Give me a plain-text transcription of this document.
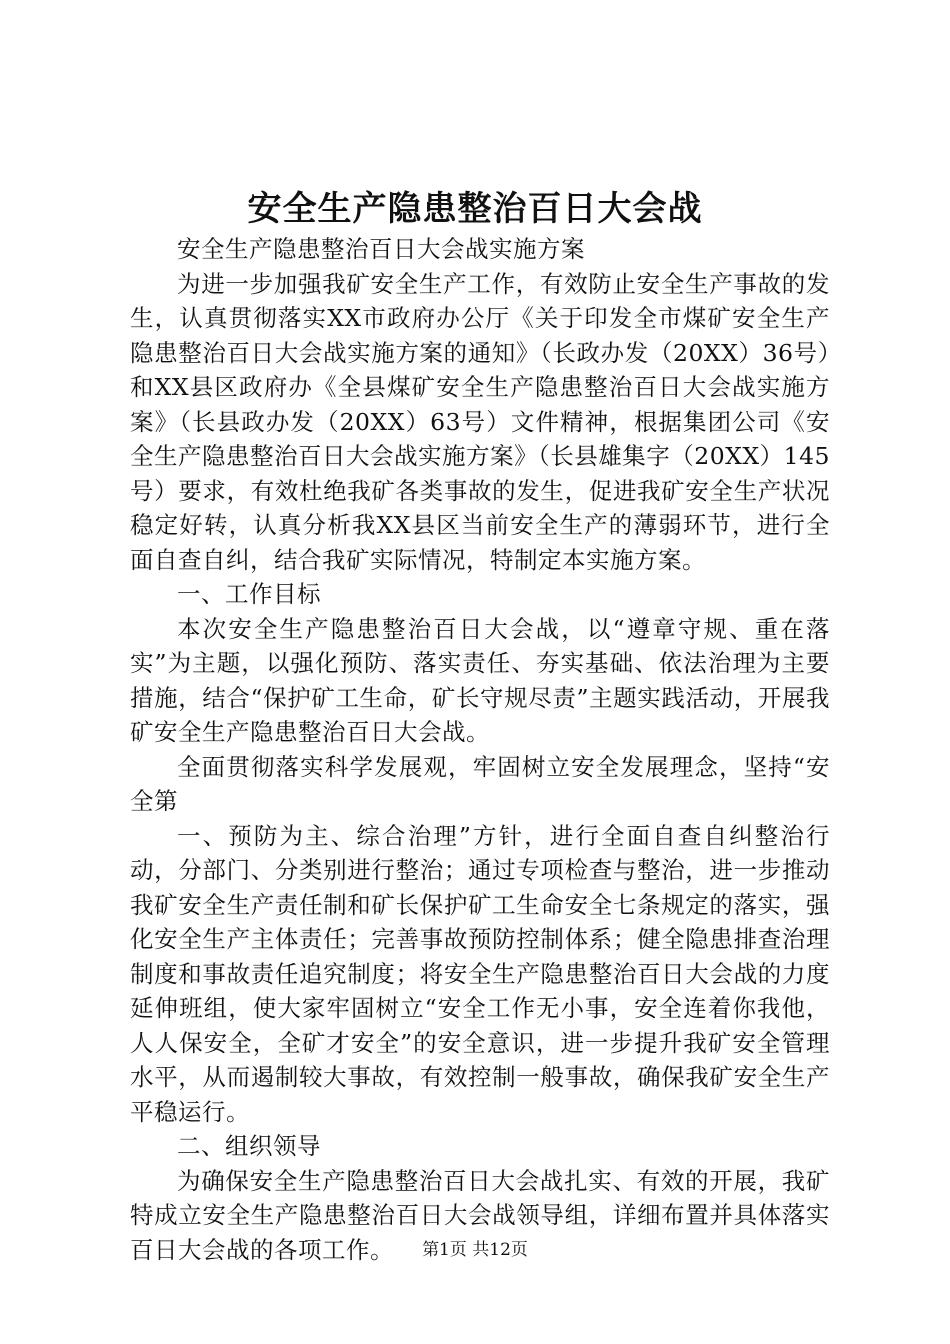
安全生产隐患整治百日大会战

安全生产隐患整治百日大会战实施方案

为进一步加强我矿安全生产工作，有效防止安全生产事故的发生，认真贯彻落实XX市政府办公厅《关于印发全市煤矿安全生产隐患整治百日大会战实施方案的通知》（长政办发（20XX）36号）和XX县区政府办《全县煤矿安全生产隐患整治百日大会战实施方案》（长县政办发（20XX）63号）文件精神，根据集团公司《安全生产隐患整治百日大会战实施方案》（长县雄集字（20XX）145号）要求，有效杜绝我矿各类事故的发生，促进我矿安全生产状况稳定好转，认真分析我XX县区当前安全生产的薄弱环节，进行全面自查自纠，结合我矿实际情况，特制定本实施方案。

一、工作目标

本次安全生产隐患整治百日大会战，以“遵章守规、重在落实”为主题，以强化预防、落实责任、夯实基础、依法治理为主要措施，结合“保护矿工生命，矿长守规尽责”主题实践活动，开展我矿安全生产隐患整治百日大会战。

全面贯彻落实科学发展观，牢固树立安全发展理念，坚持“安全第

一、预防为主、综合治理”方针，进行全面自查自纠整治行动，分部门、分类别进行整治；通过专项检查与整治，进一步推动我矿安全生产责任制和矿长保护矿工生命安全七条规定的落实，强化安全生产主体责任；完善事故预防控制体系；健全隐患排查治理制度和事故责任追究制度；将安全生产隐患整治百日大会战的力度延伸班组，使大家牢固树立“安全工作无小事，安全连着你我他，人人保安全，全矿才安全”的安全意识，进一步提升我矿安全管理水平，从而遏制较大事故，有效控制一般事故，确保我矿安全生产平稳运行。

二、组织领导

为确保安全生产隐患整治百日大会战扎实、有效的开展，我矿特成立安全生产隐患整治百日大会战领导组，详细布置并具体落实百日大会战的各项工作。	第1页 共12页
